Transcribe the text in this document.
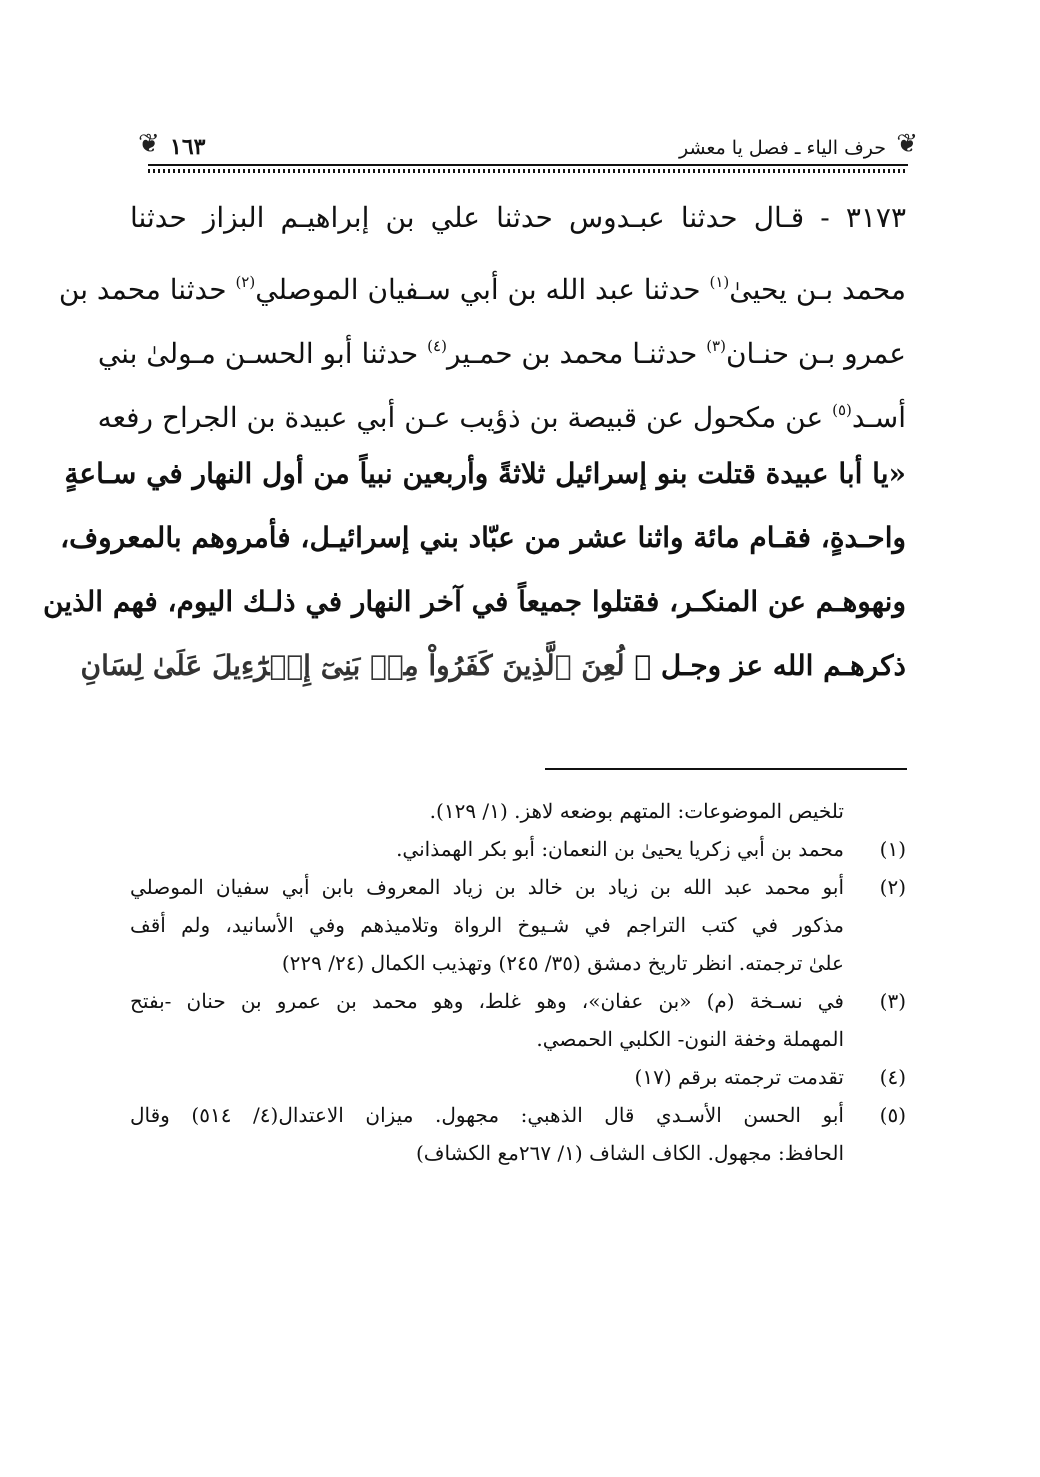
❦
حرف الياء ـ فصل يا معشر
١٦٣
❦
٣١٧٣ - قـال حدثنا عبـدوس حدثنا علي بن إبراهيـم البزاز حدثنا
محمد بـن يحيىٰ$^{(١)}$ حدثنا عبد الله بن أبي سـفيان الموصلي$^{(٢)}$ حدثنا محمد بن
عمرو بـن حنـان$^{(٣)}$ حدثنـا محمد بن حمـير$^{(٤)}$ حدثنا أبو الحسـن مـولىٰ بني
أسـد$^{(٥)}$ عن مكحول عن قبيصة بن ذؤيب عـن أبي عبيدة بن الجراح رفعه
«يا أبا عبيدة قتلت بنو إسرائيل ثلاثةً وأربعين نبياً من أول النهار في سـاعةٍ
واحـدةٍ، فقـام مائة واثنا عشر من عبّاد بني إسرائيـل، فأمروهم بالمعروف،
ونهوهـم عن المنكـر، فقتلوا جميعاً في آخر النهار في ذلـك اليوم، فهم الذين
ذكرهـم الله عز وجـل ﴿ لُعِنَ ٱلَّذِينَ كَفَرُواْ مِنۢ بَنِىٓ إِسۡرَٰٓءِيلَ عَلَىٰ لِسَانِ
تلخيص الموضوعات: المتهم بوضعه لاهز. (١/ ١٢٩).
(١)
محمد بن أبي زكريا يحيىٰ بن النعمان: أبو بكر الهمذاني.
(٢)
أبو محمد عبد الله بن زياد بن خالد بن زياد المعروف بابن أبي سفيان الموصلي
مذكور في كتب التراجم في شـيوخ الرواة وتلاميذهم وفي الأسانيد، ولم أقف
علىٰ ترجمته. انظر تاريخ دمشق (٣٥/ ٢٤٥) وتهذيب الكمال (٢٤/ ٢٢٩)
(٣)
في نسـخة (م) «بن عفان»، وهو غلط، وهو محمد بن عمرو بن حنان -بفتح
المهملة وخفة النون- الكلبي الحمصي.
(٤)
تقدمت ترجمته برقم (١٧)
(٥)
أبو الحسن الأسـدي قال الذهبي: مجهول. ميزان الاعتدال(٤/ ٥١٤) وقال
الحافظ: مجهول. الكاف الشاف (١/ ٢٦٧مع الكشاف)
